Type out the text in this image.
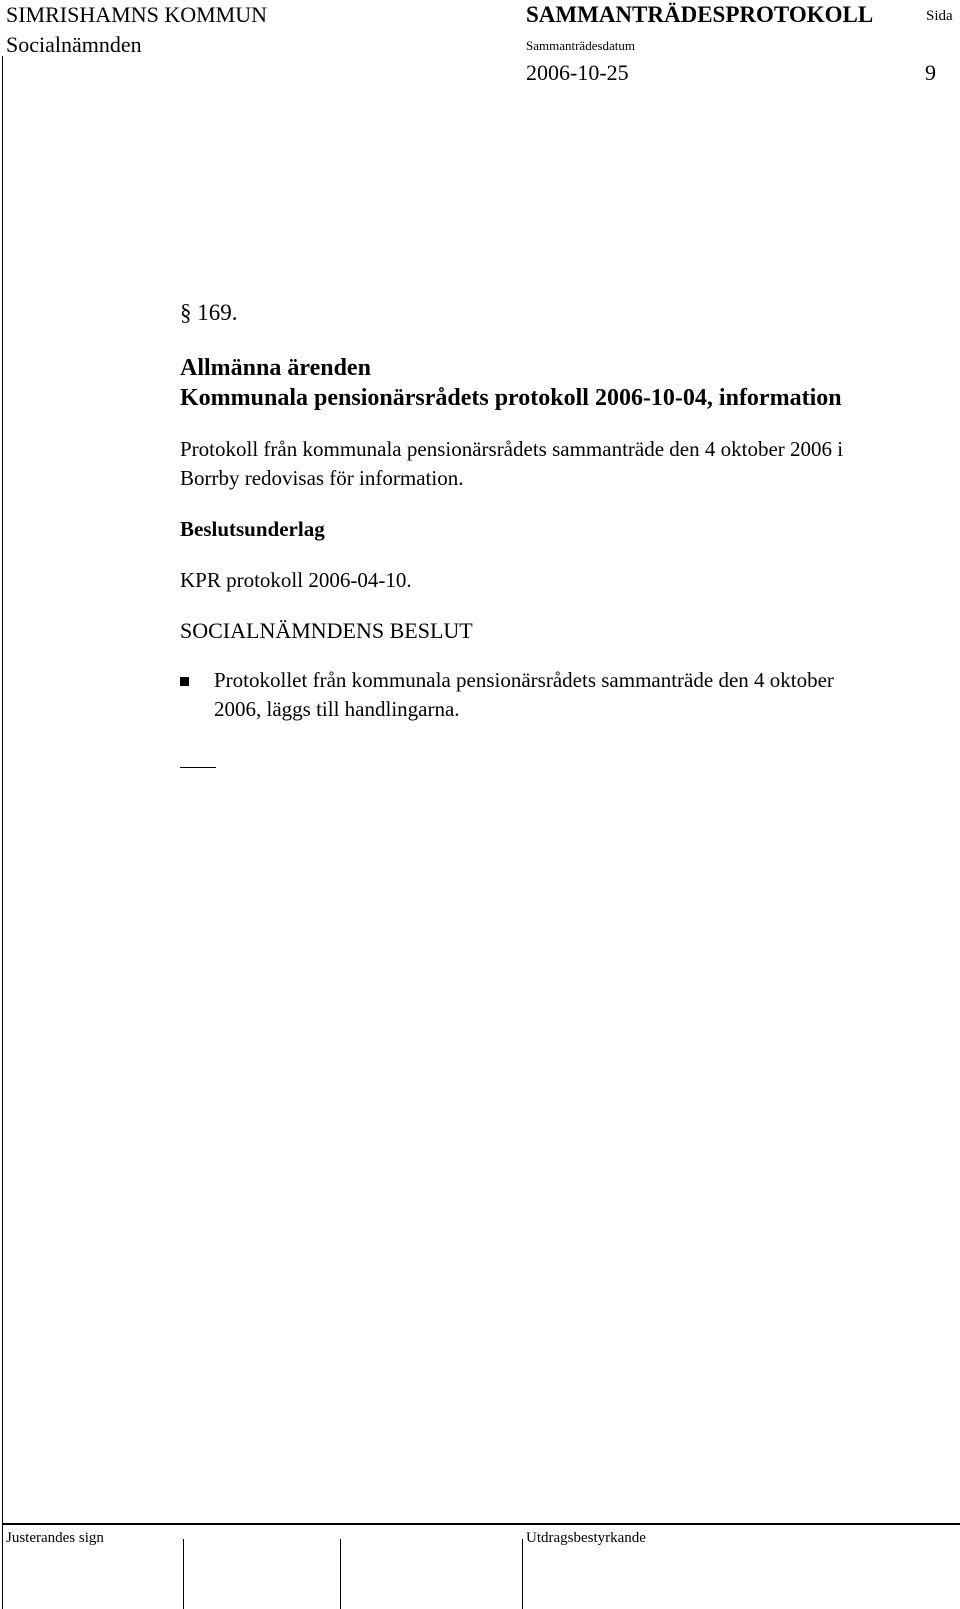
SIMRISHAMNS KOMMUN
Socialnämnden
SAMMANTRÄDESPROTOKOLL	Sida
Sammanträdesdatum
2006-10-25	9
§ 169.
Allmänna ärenden
Kommunala pensionärsrådets protokoll 2006-10-04, information
Protokoll från kommunala pensionärsrådets sammanträde den 4 oktober 2006 i
Borrby redovisas för information.
Beslutsunderlag
KPR protokoll 2006-04-10.
SOCIALNÄMNDENS BESLUT
Protokollet från kommunala pensionärsrådets sammanträde den 4 oktober
2006, läggs till handlingarna.
Justerandes sign	Utdragsbestyrkande
